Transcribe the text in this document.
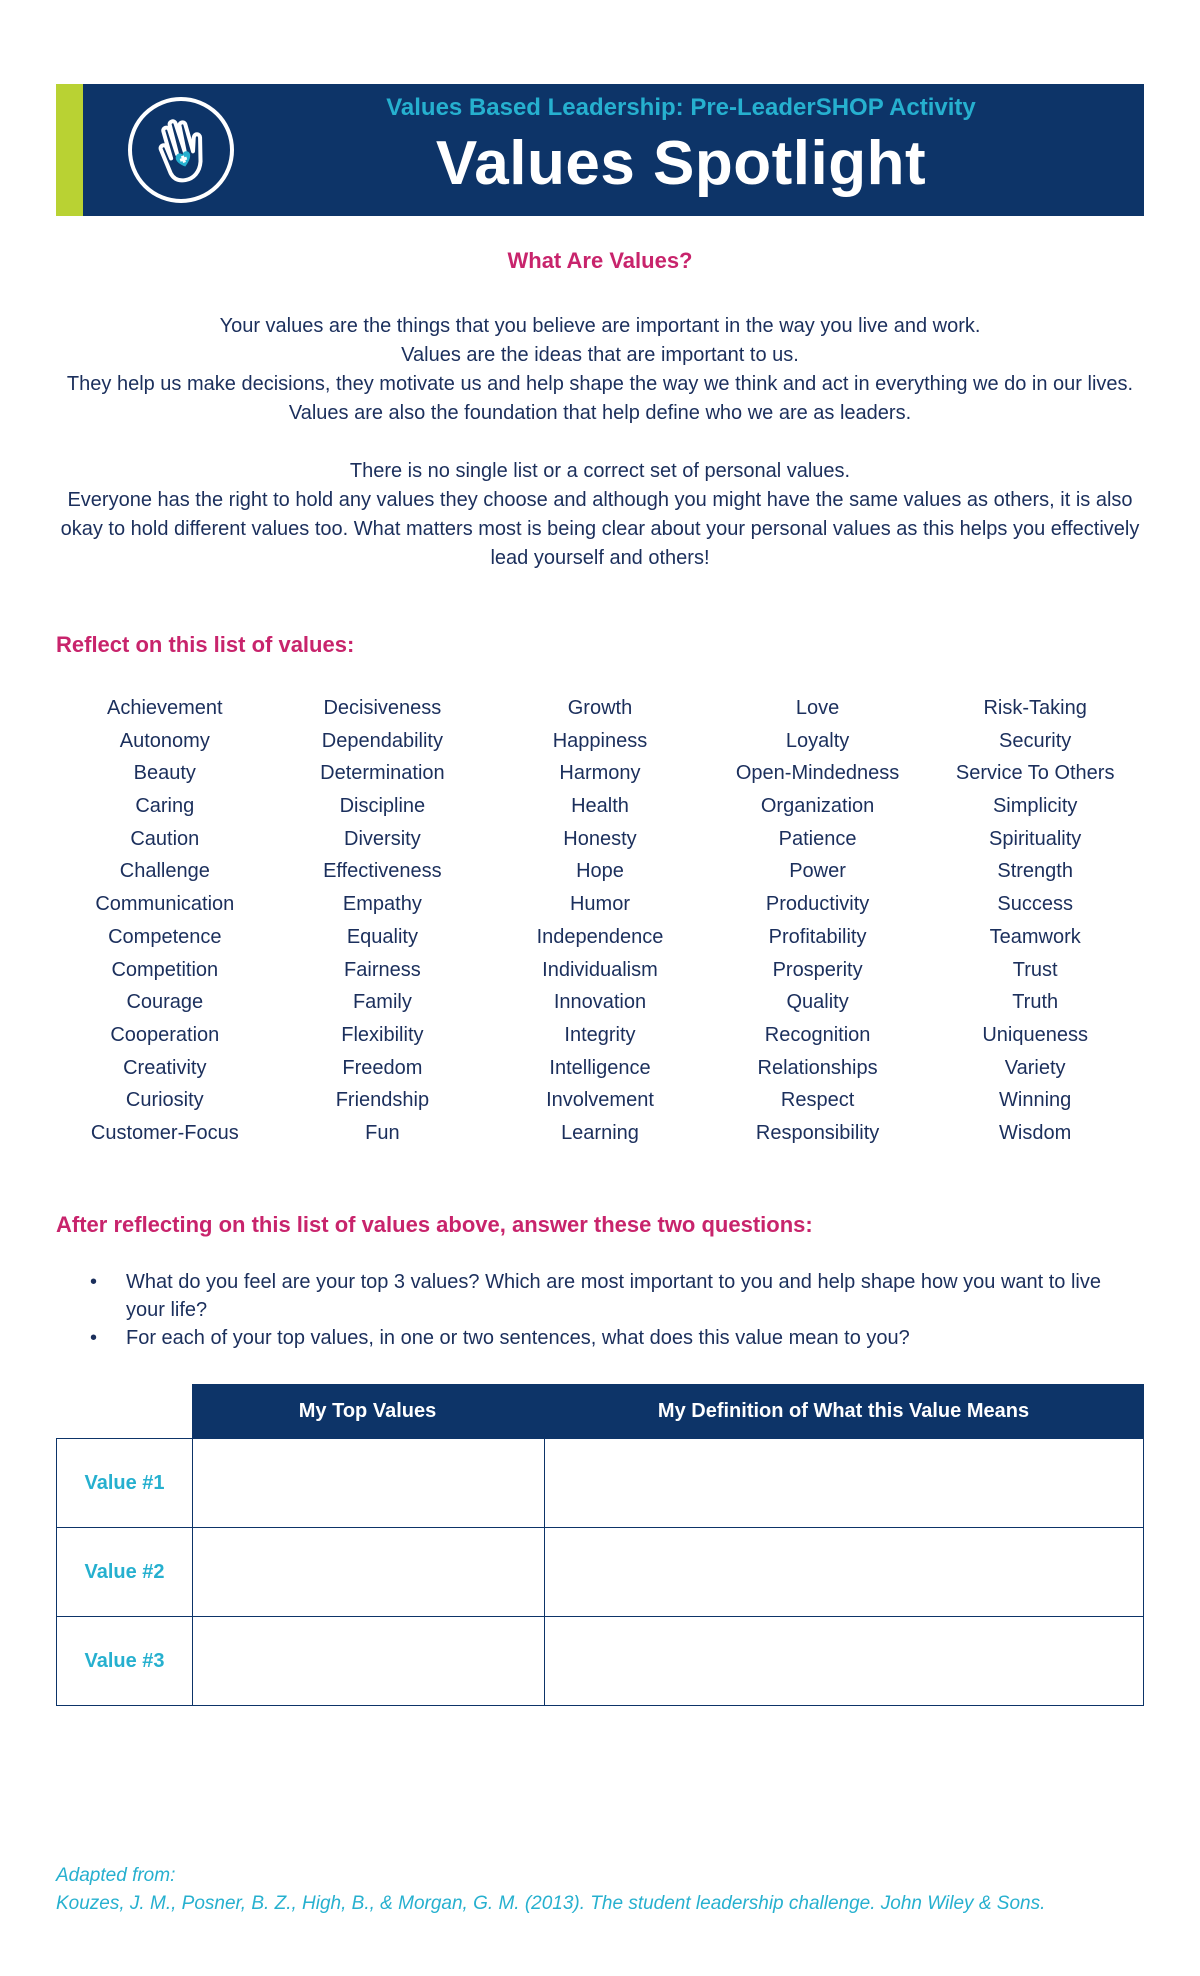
Values Based Leadership: Pre-LeaderSHOP Activity
Values Spotlight
What Are Values?

Your values are the things that you believe are important in the way you live and work.

Values are the ideas that are important to us.

They help us make decisions, they motivate us and help shape the way we think and act in everything we do in our lives. Values are also the foundation that help define who we are as leaders.

There is no single list or a correct set of personal values.

Everyone has the right to hold any values they choose and although you might have the same values as others, it is also okay to hold different values too. What matters most is being clear about your personal values as this helps you effectively lead yourself and others!

Reflect on this list of values:
Achievement
Autonomy
Beauty
Caring
Caution
Challenge
Communication
Competence
Competition
Courage
Cooperation
Creativity
Curiosity
Customer-Focus
Decisiveness
Dependability
Determination
Discipline
Diversity
Effectiveness
Empathy
Equality
Fairness
Family
Flexibility
Freedom
Friendship
Fun
Growth
Happiness
Harmony
Health
Honesty
Hope
Humor
Independence
Individualism
Innovation
Integrity
Intelligence
Involvement
Learning
Love
Loyalty
Open-Mindedness
Organization
Patience
Power
Productivity
Profitability
Prosperity
Quality
Recognition
Relationships
Respect
Responsibility
Risk-Taking
Security
Service To Others
Simplicity
Spirituality
Strength
Success
Teamwork
Trust
Truth
Uniqueness
Variety
Winning
Wisdom
After reflecting on this list of values above, answer these two questions:
• What do you feel are your top 3 values? Which are most important to you and help shape how you want to live your life?
• For each of your top values, in one or two sentences, what does this value mean to you?
My Top Values	My Definition of What this Value Means
Value #1
Value #2
Value #3
Adapted from:
Kouzes, J. M., Posner, B. Z., High, B., & Morgan, G. M. (2013). The student leadership challenge. John Wiley & Sons.
